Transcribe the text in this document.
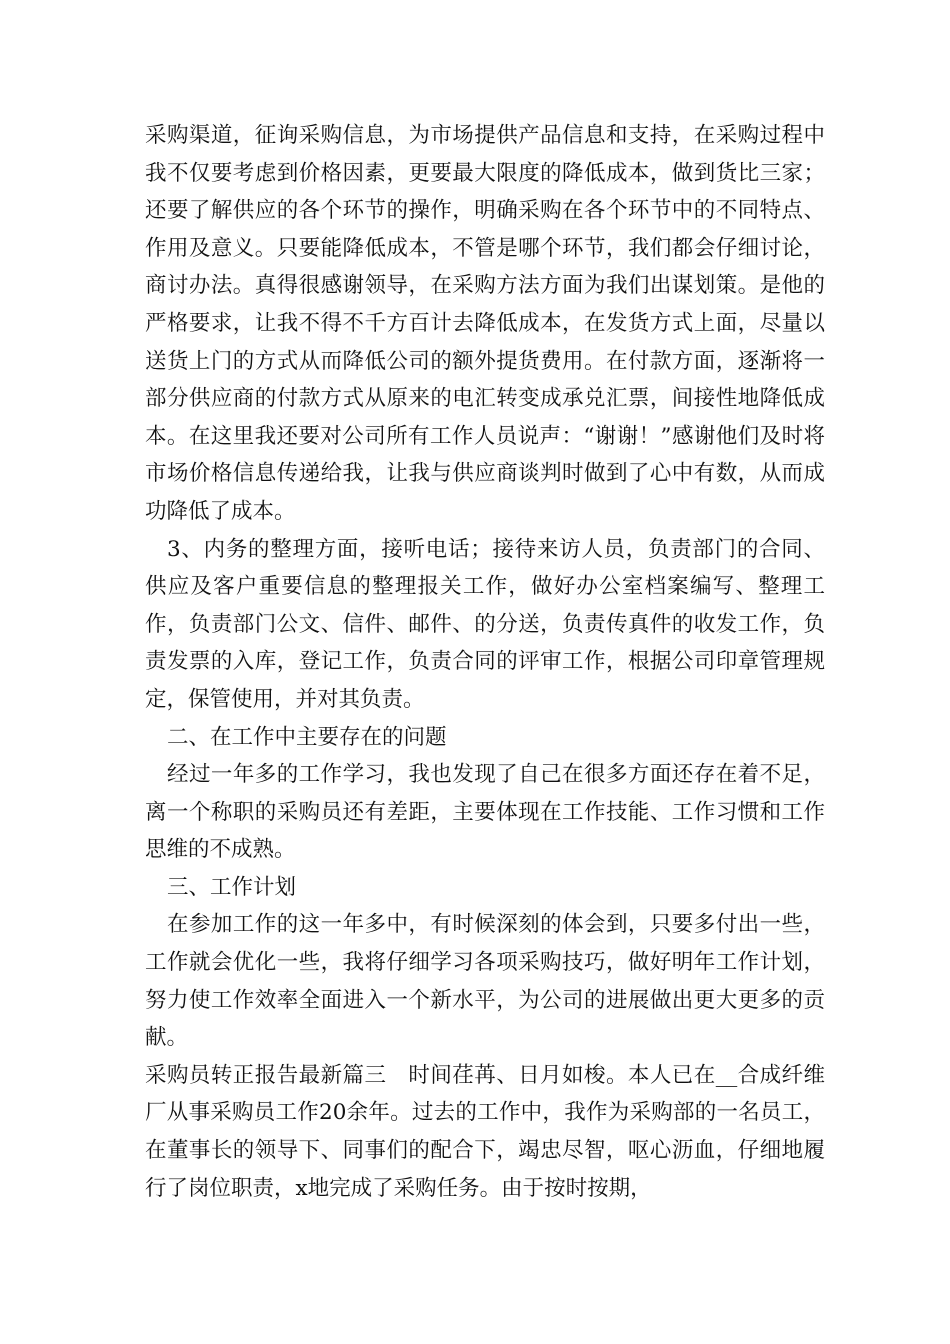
采购渠道，征询采购信息，为市场提供产品信息和支持，在采购过程中我不仅要考虑到价格因素，更要最大限度的降低成本，做到货比三家；还要了解供应的各个环节的操作，明确采购在各个环节中的不同特点、作用及意义。只要能降低成本，不管是哪个环节，我们都会仔细讨论，商讨办法。真得很感谢领导，在采购方法方面为我们出谋划策。是他的严格要求，让我不得不千方百计去降低成本，在发货方式上面，尽量以送货上门的方式从而降低公司的额外提货费用。在付款方面，逐渐将一部分供应商的付款方式从原来的电汇转变成承兑汇票，间接性地降低成本。在这里我还要对公司所有工作人员说声：“谢谢！”感谢他们及时将市场价格信息传递给我，让我与供应商谈判时做到了心中有数，从而成功降低了成本。

3、内务的整理方面，接听电话；接待来访人员，负责部门的合同、供应及客户重要信息的整理报关工作，做好办公室档案编写、整理工作，负责部门公文、信件、邮件、的分送，负责传真件的收发工作，负责发票的入库，登记工作，负责合同的评审工作，根据公司印章管理规定，保管使用，并对其负责。

二、在工作中主要存在的问题

经过一年多的工作学习，我也发现了自己在很多方面还存在着不足，离一个称职的采购员还有差距，主要体现在工作技能、工作习惯和工作思维的不成熟。

三、工作计划

在参加工作的这一年多中，有时候深刻的体会到，只要多付出一些，工作就会优化一些，我将仔细学习各项采购技巧，做好明年工作计划，努力使工作效率全面进入一个新水平，为公司的进展做出更大更多的贡献。

采购员转正报告最新篇三　时间荏苒、日月如梭。本人已在__合成纤维厂从事采购员工作20余年。过去的工作中，我作为采购部的一名员工，在董事长的领导下、同事们的配合下，竭忠尽智，呕心沥血，仔细地履行了岗位职责，x地完成了采购任务。由于按时按期，
